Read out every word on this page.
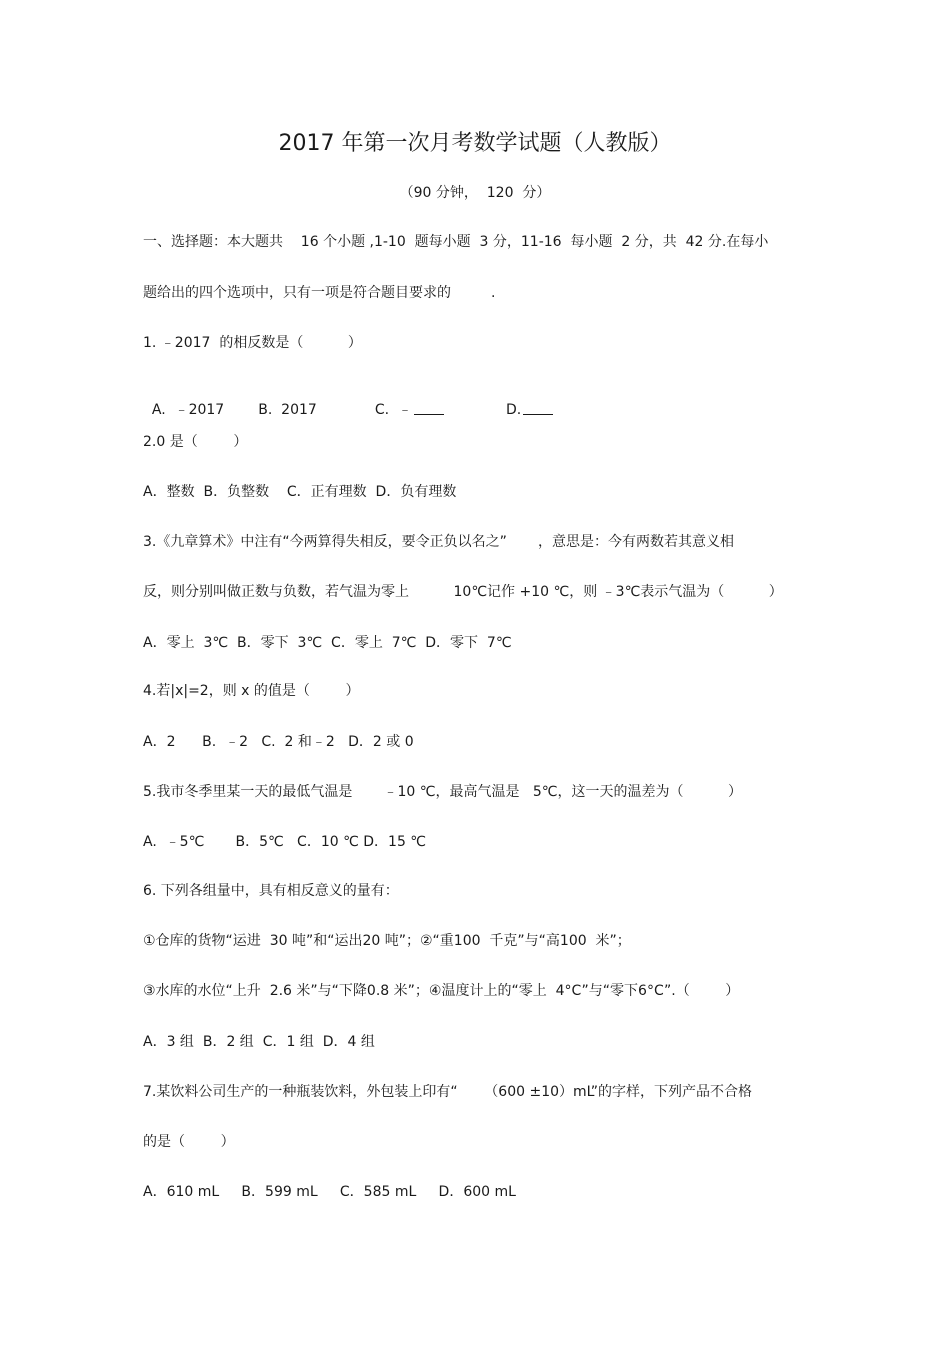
2017 年第一次月考数学试题（人教版）
（90 分钟，  120  分）
一、选择题：本大题共    16 个小题 ,1-10  题每小题  3 分，11-16  每小题  2 分，共  42 分.在每小
题给出的四个选项中，只有一项是符合题目要求的         .
1. ﹣2017  的相反数是（          ）

A.  ﹣2017 B.  2017	C.  ﹣	D.

2.0 是（        ）
A．整数  B．负整数    C．正有理数  D．负有理数
3.《九章算术》中注有“今两算得失相反，要令正负以名之”       ，意思是：今有两数若其意义相
反，则分别叫做正数与负数，若气温为零上          10℃记作 +10 ℃，则 ﹣3℃表示气温为（          ）
A．零上  3℃  B．零下  3℃  C．零上  7℃  D．零下  7℃
4.若|x|=2，则 x 的值是（        ）
A．2      B.  ﹣2   C.  2 和﹣2   D．2 或 0
5.我市冬季里某一天的最低气温是       ﹣10 ℃，最高气温是   5℃，这一天的温差为（          ）
A.  ﹣5℃       B．5℃   C．10 ℃ D．15 ℃
6. 下列各组量中，具有相反意义的量有：
①仓库的货物“运进  30 吨”和“运出20 吨”；②“重100  千克”与“高100  米”；
③水库的水位“上升  2.6 米”与“下降0.8 米”；④温度计上的“零上  4°C”与“零下6°C”.（        ）
A．3 组  B．2 组  C．1 组  D．4 组
7.某饮料公司生产的一种瓶装饮料，外包装上印有“      （600 ±10）mL”的字样，下列产品不合格
的是（        ）
A．610 mL     B．599 mL     C．585 mL     D．600 mL
